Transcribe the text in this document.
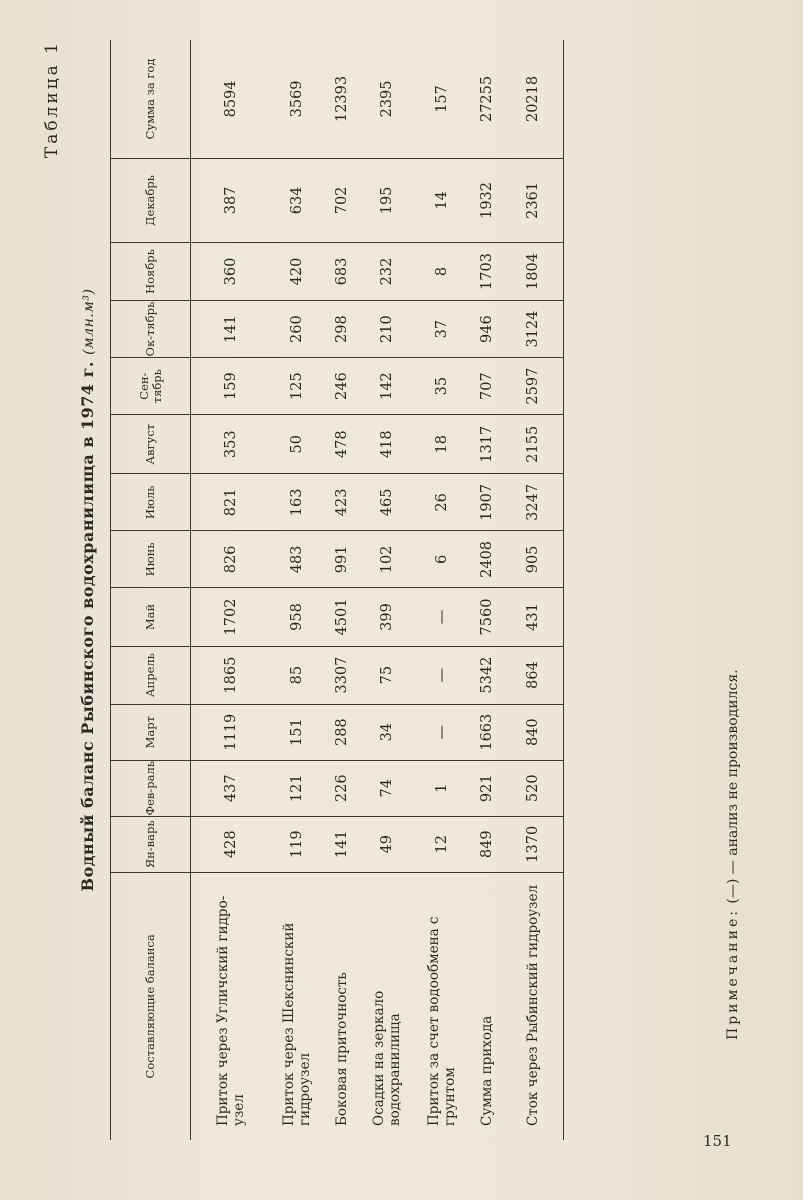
Таблица 1
Водный баланс Рыбинского водохранилища в 1974 г. (млн.м³)
Составляющие баланса	Ян-варь	Фев-раль	Март	Апрель	Май	Июнь	Июль	Август	Сен-тябрь	Ок-тябрь	Ноябрь	Декабрь	Сумма за год
Приток через Угличский гидро-узел	428	437	1119	1865	1702	826	821	353	159	141	360	387	8594
Приток через Шекснинский гидроузел	119	121	151	85	958	483	163	50	125	260	420	634	3569
Боковая приточность	141	226	288	3307	4501	991	423	478	246	298	683	702	12393
Осадки на зеркало водохранилища	49	74	34	75	399	102	465	418	142	210	232	195	2395
Приток за счет водообмена с грунтом	12	1	—	—	—	6	26	18	35	37	8	14	157
Сумма прихода	849	921	1663	5342	7560	2408	1907	1317	707	946	1703	1932	27255
Сток через Рыбинский гидроузел	1370	520	840	864	431	905	3247	2155	2597	3124	1804	2361	20218
Примечание: (—) — анализ не производился.
151
